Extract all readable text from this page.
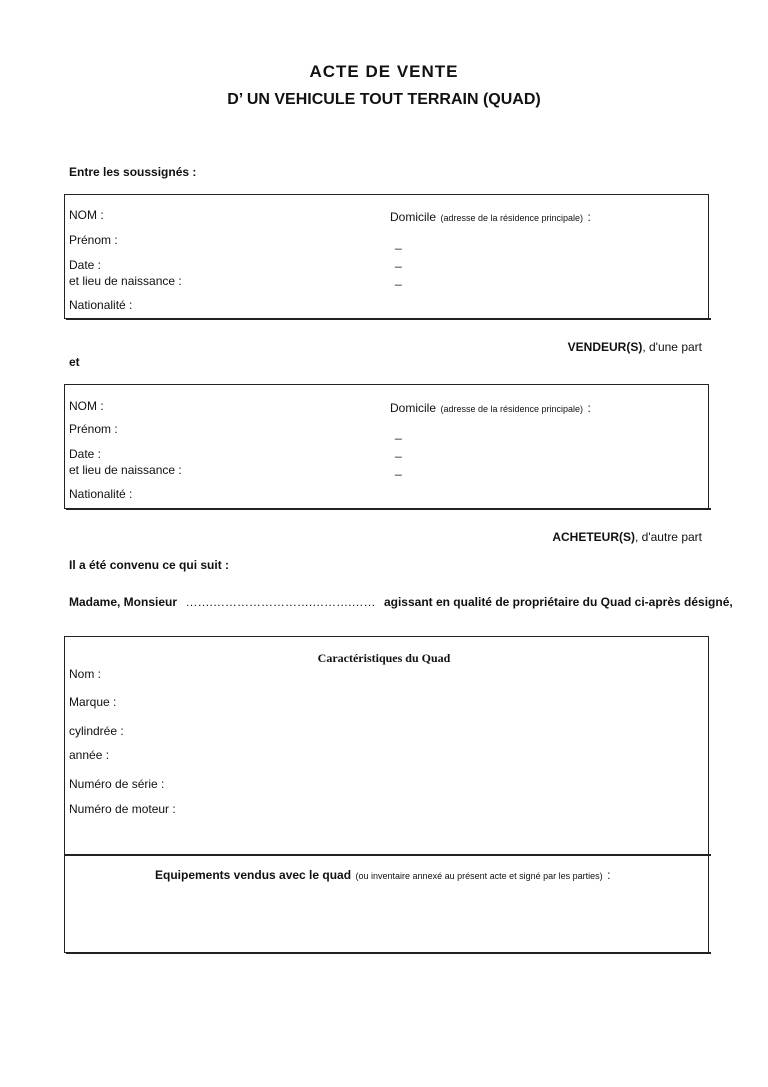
ACTE DE VENTE
D’ UN VEHICULE TOUT TERRAIN (QUAD)
Entre les soussignés :
NOM :
Prénom :
Date :
et lieu de naissance :
Nationalité :
Domicile (adresse de la résidence principale) :
_
_
_
VENDEUR(S), d'une part
et
NOM :
Prénom :
Date :
et lieu de naissance :
Nationalité :
Domicile (adresse de la résidence principale) :
_
_
_
ACHETEUR(S), d'autre part
Il a été convenu ce qui suit :
Madame, Monsieur …….…………………….……….…… agissant en qualité de propriétaire du Quad ci-après désigné,
Caractéristiques du Quad
Nom :
Marque :
cylindrée :
année :
Numéro de série :
Numéro de moteur :
Equipements vendus avec le quad (ou inventaire annexé au présent acte et signé par les parties) :
